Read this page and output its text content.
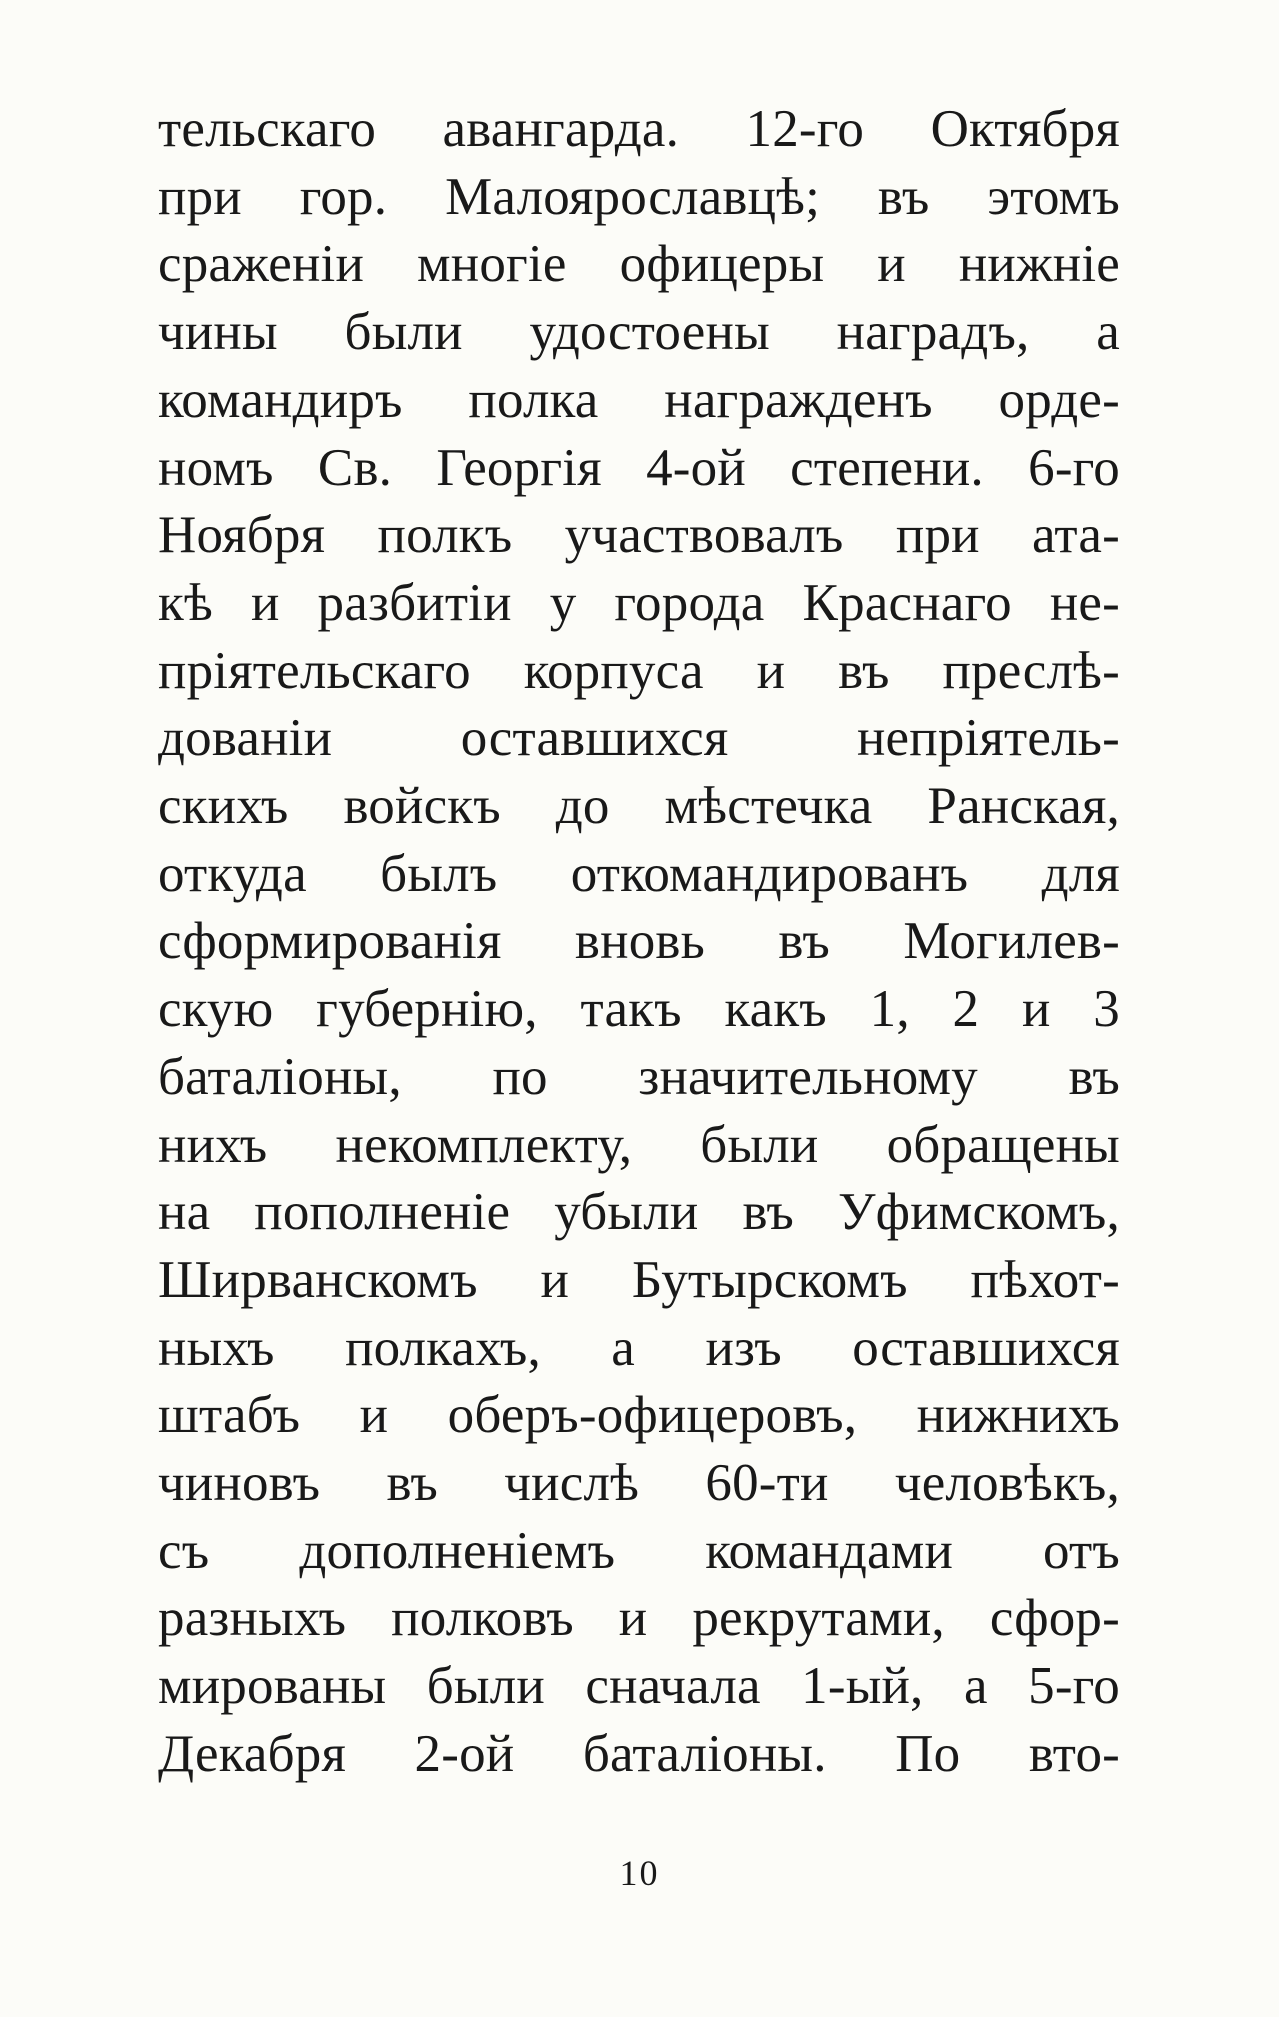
тельскаго авангарда. 12-го Октября
при гор. Малоярославцѣ; въ этомъ
сраженіи многіе офицеры и нижніе
чины были удостоены наградъ, а
командиръ полка награжденъ орде-
номъ Св. Георгія 4-ой степени. 6-го
Ноября полкъ участвовалъ при ата-
кѣ и разбитіи у города Краснаго не-
пріятельскаго корпуса и въ преслѣ-
дованіи оставшихся непріятель-
скихъ войскъ до мѣстечка Ранская,
откуда былъ откомандированъ для
сформированія вновь въ Могилев-
скую губернію, такъ какъ 1, 2 и 3
баталіоны, по значительному въ
нихъ некомплекту, были обращены
на пополненіе убыли въ Уфимскомъ,
Ширванскомъ и Бутырскомъ пѣхот-
ныхъ полкахъ, а изъ оставшихся
штабъ и оберъ-офицеровъ, нижнихъ
чиновъ въ числѣ 60-ти человѣкъ,
съ дополненіемъ командами отъ
разныхъ полковъ и рекрутами, сфор-
мированы были сначала 1-ый, а 5-го
Декабря 2-ой баталіоны. По вто-
10
